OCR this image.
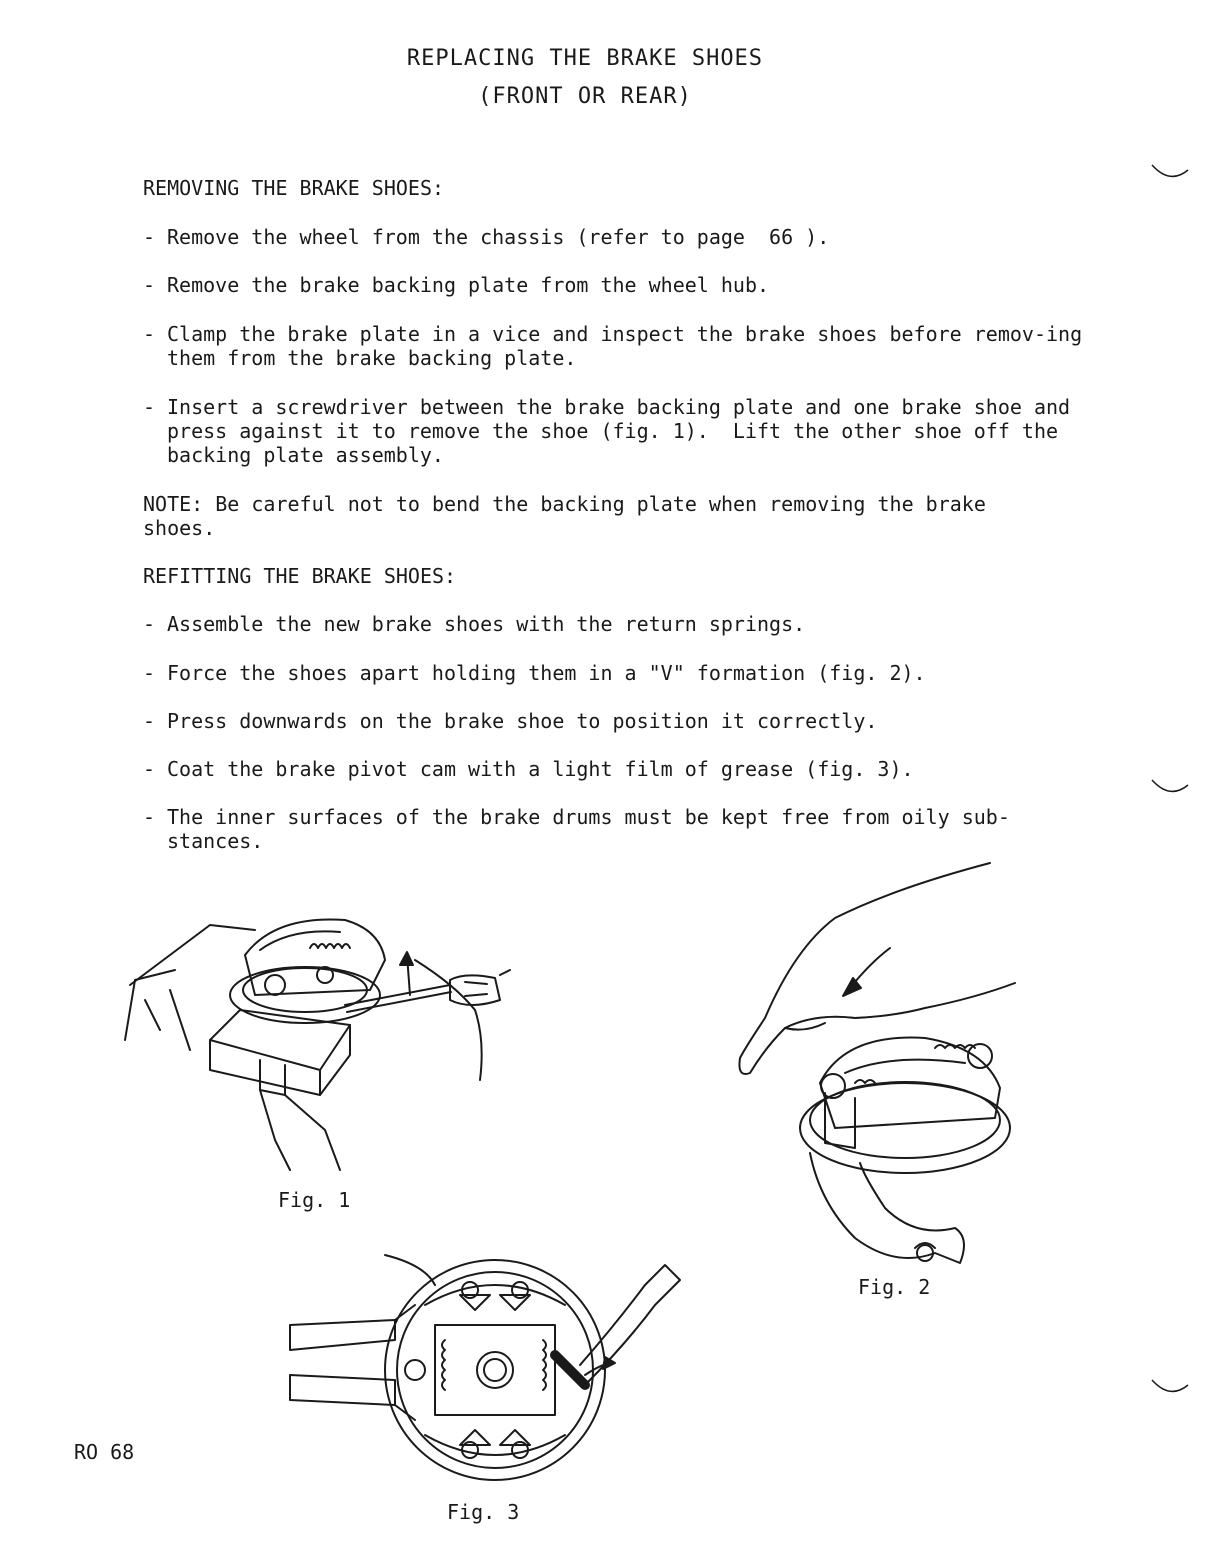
REPLACING THE BRAKE SHOES
(FRONT OR REAR)
REMOVING THE BRAKE SHOES:
- Remove the wheel from the chassis (refer to page  66 ).
- Remove the brake backing plate from the wheel hub.
- Clamp the brake plate in a vice and inspect the brake shoes before remov-ing them from the brake backing plate.
- Insert a screwdriver between the brake backing plate and one brake shoe and press against it to remove the shoe (fig. 1).  Lift the other shoe off the backing plate assembly.
NOTE: Be careful not to bend the backing plate when removing the brake shoes.
REFITTING THE BRAKE SHOES:
- Assemble the new brake shoes with the return springs.
- Force the shoes apart holding them in a "V" formation (fig. 2).
- Press downwards on the brake shoe to position it correctly.
- Coat the brake pivot cam with a light film of grease (fig. 3).
- The inner surfaces of the brake drums must be kept free from oily sub-stances.
Fig. 1
Fig. 2
Fig. 3
RO 68
